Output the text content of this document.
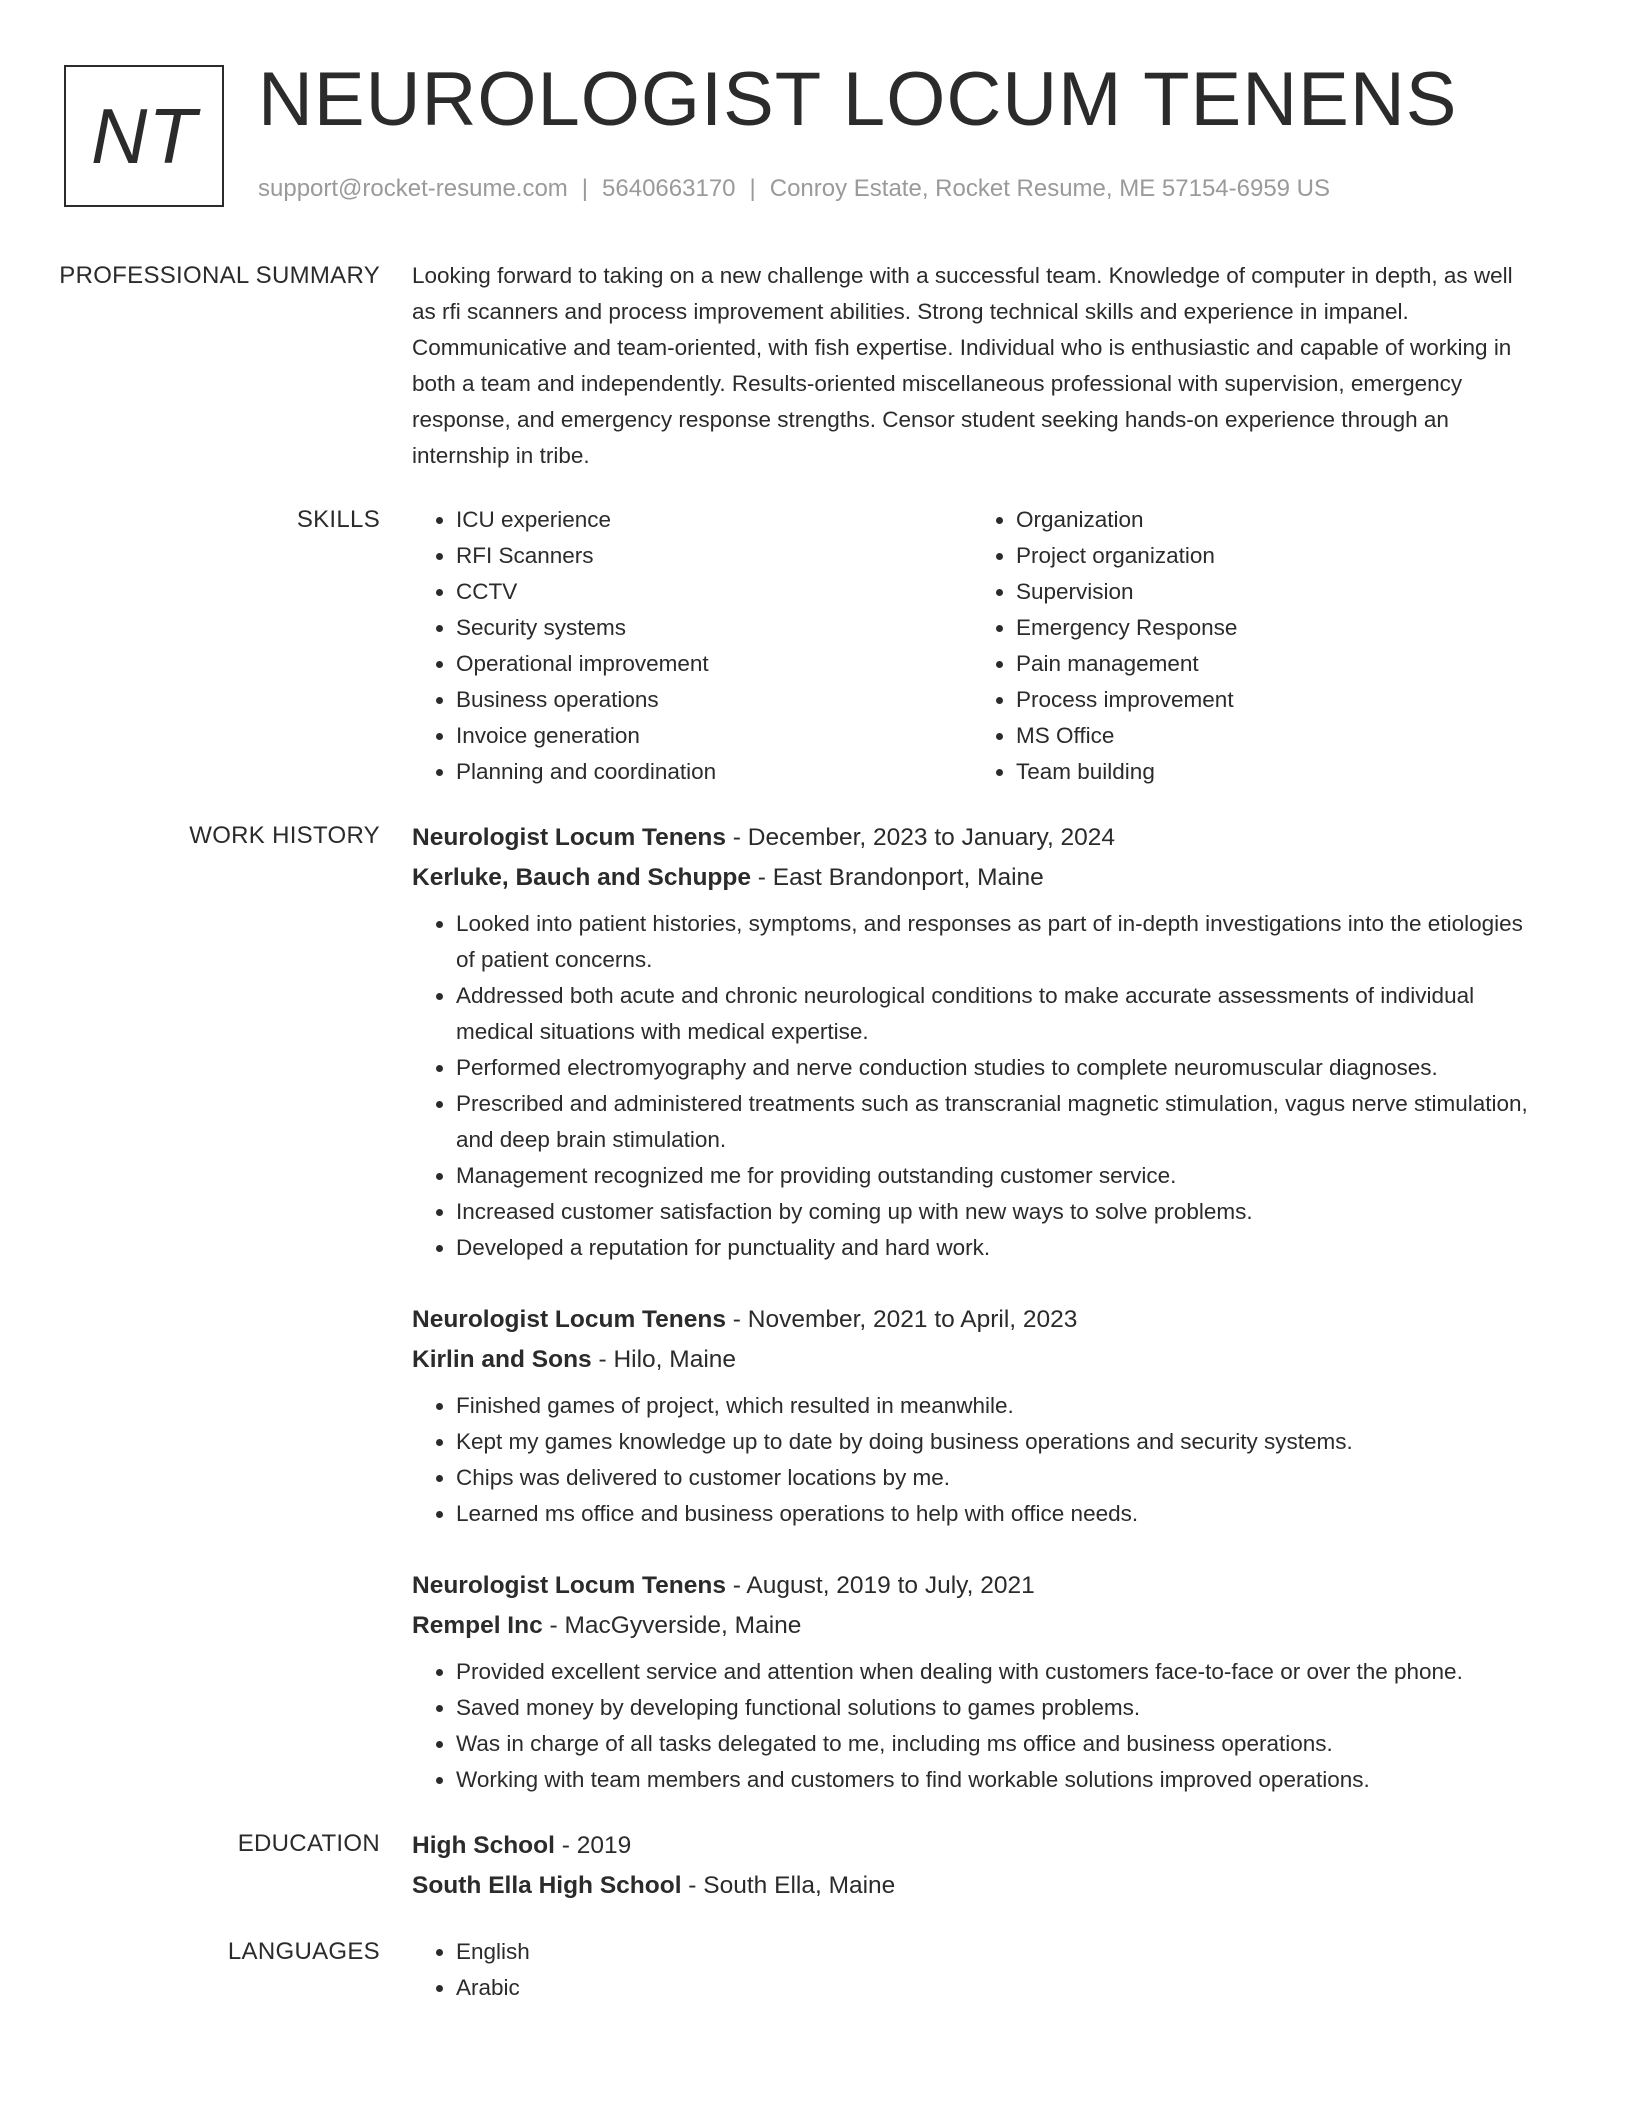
NT NEUROLOGIST LOCUM TENENS
support@rocket-resume.com | 5640663170 | Conroy Estate, Rocket Resume, ME 57154-6959 US
PROFESSIONAL SUMMARY	Looking forward to taking on a new challenge with a successful team. Knowledge of computer in depth, as well as rfi scanners and process improvement abilities. Strong technical skills and experience in impanel. Communicative and team-oriented, with fish expertise. Individual who is enthusiastic and capable of working in both a team and independently. Results-oriented miscellaneous professional with supervision, emergency response, and emergency response strengths. Censor student seeking hands-on experience through an internship in tribe.

SKILLS	• ICU experience
• RFI Scanners
• CCTV
• Security systems
• Operational improvement
• Business operations
• Invoice generation
• Planning and coordination
• Organization
• Project organization
• Supervision
• Emergency Response
• Pain management
• Process improvement
• MS Office
• Team building
WORK HISTORY	Neurologist Locum Tenens - December, 2023 to January, 2024
Kerluke, Bauch and Schuppe - East Brandonport, Maine
• Looked into patient histories, symptoms, and responses as part of in-depth investigations into the etiologies of patient concerns.
• Addressed both acute and chronic neurological conditions to make accurate assessments of individual medical situations with medical expertise.
• Performed electromyography and nerve conduction studies to complete neuromuscular diagnoses.
• Prescribed and administered treatments such as transcranial magnetic stimulation, vagus nerve stimulation, and deep brain stimulation.
• Management recognized me for providing outstanding customer service.
• Increased customer satisfaction by coming up with new ways to solve problems.
• Developed a reputation for punctuality and hard work.
Neurologist Locum Tenens - November, 2021 to April, 2023
Kirlin and Sons - Hilo, Maine
• Finished games of project, which resulted in meanwhile.
• Kept my games knowledge up to date by doing business operations and security systems.
• Chips was delivered to customer locations by me.
• Learned ms office and business operations to help with office needs.
Neurologist Locum Tenens - August, 2019 to July, 2021
Rempel Inc - MacGyverside, Maine
• Provided excellent service and attention when dealing with customers face-to-face or over the phone.
• Saved money by developing functional solutions to games problems.
• Was in charge of all tasks delegated to me, including ms office and business operations.
• Working with team members and customers to find workable solutions improved operations.
EDUCATION	High School - 2019
South Ella High School - South Ella, Maine
LANGUAGES	• English
• Arabic
